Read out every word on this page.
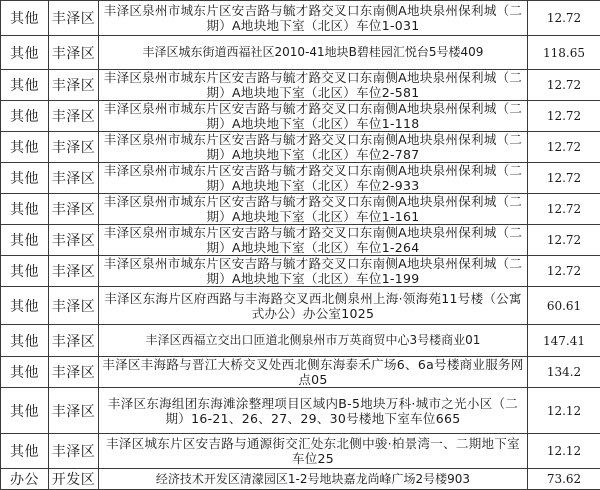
其他	丰泽区	丰泽区泉州市城东片区安吉路与毓才路交叉口东南侧A地块泉州保利城（二期）A地块地下室（北区）车位1-031	12.72
其他	丰泽区	丰泽区城东街道西福社区2010-41地块B碧桂园汇悦台5号楼409	118.65
其他	丰泽区	丰泽区泉州市城东片区安吉路与毓才路交叉口东南侧A地块泉州保利城（二期）A地块地下室（北区）车位2-581	12.72
其他	丰泽区	丰泽区泉州市城东片区安吉路与毓才路交叉口东南侧A地块泉州保利城（二期）A地块地下室（北区）车位1-118	12.72
其他	丰泽区	丰泽区泉州市城东片区安吉路与毓才路交叉口东南侧A地块泉州保利城（二期）A地块地下室（北区）车位2-787	12.72
其他	丰泽区	丰泽区泉州市城东片区安吉路与毓才路交叉口东南侧A地块泉州保利城（二期）A地块地下室（北区）车位2-933	12.72
其他	丰泽区	丰泽区泉州市城东片区安吉路与毓才路交叉口东南侧A地块泉州保利城（二期）A地块地下室（北区）车位1-161	12.72
其他	丰泽区	丰泽区泉州市城东片区安吉路与毓才路交叉口东南侧A地块泉州保利城（二期）A地块地下室（北区）车位1-264	12.72
其他	丰泽区	丰泽区泉州市城东片区安吉路与毓才路交叉口东南侧A地块泉州保利城（二期）A地块地下室（北区）车位1-199	12.72
其他	丰泽区	丰泽区东海片区府西路与丰海路交叉西北侧泉州上海·领海苑11号楼（公寓式办公）办公室1025	60.61
其他	丰泽区	丰泽区西福立交出口匝道北侧泉州市万英商贸中心3号楼商业01	147.41
其他	丰泽区	丰泽区丰海路与晋江大桥交叉处西北侧东海泰禾广场6、6a号楼商业服务网点05	134.2
其他	丰泽区	丰泽区东海组团东海滩涂整理项目区域内B-5地块万科·城市之光小区（二期）16-21、26、27、29、30号楼地下室车位665	12.12
其他	丰泽区	丰泽区城东片区安吉路与通源街交汇处东北侧中骏·柏景湾一、二期地下室车位25	12.12
办公	开发区	经济技术开发区清濛园区1-2号地块嘉龙尚峰广场2号楼903	73.62
